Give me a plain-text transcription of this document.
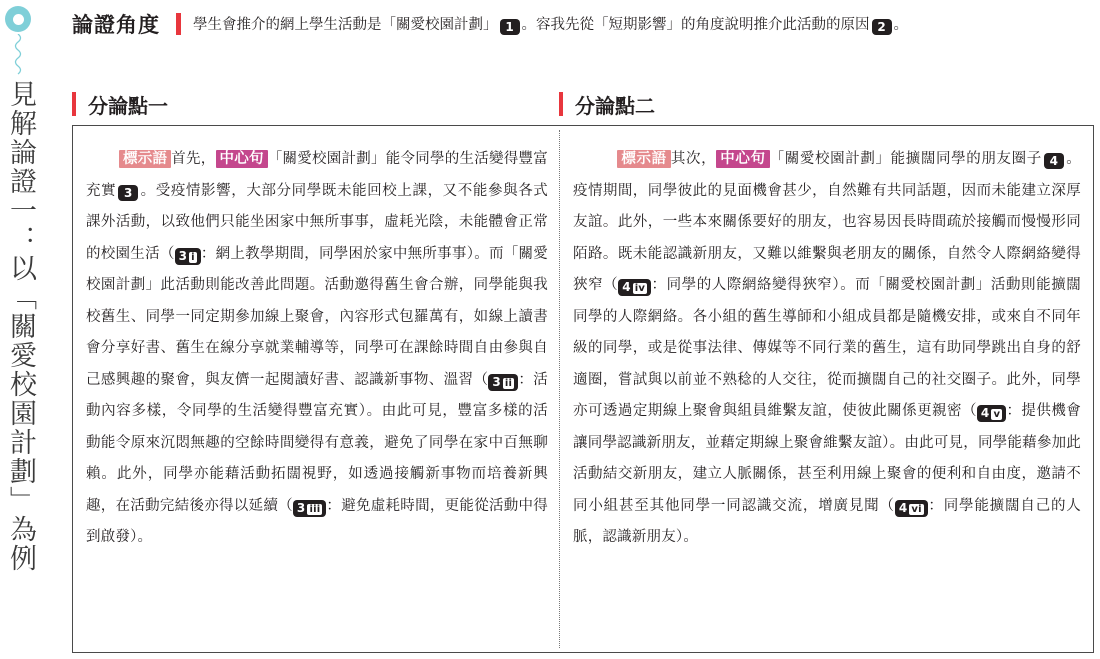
見解論證一：以「關愛校園計劃」為例
論證角度 學生會推介的網上學生活動是「關愛校園計劃」 1 。容我先從「短期影響」的角度說明推介此活動的原因 2 。
分論點一	分論點二
標示語 首先， 中心句 「關愛校園計劃」能令同學的生活變得豐富充實 3 。受疫情影響，大部分同學既未能回校上課，又不能參與各式課外活動，以致他們只能坐困家中無所事事，虛耗光陰，未能體會正常的校園生活（ 3 i ：網上教學期間，同學困於家中無所事事）。而「關愛校園計劃」此活動則能改善此問題。活動邀得舊生會合辦，同學能與我校舊生、同學一同定期參加線上聚會，內容形式包羅萬有，如線上讀書會分享好書、舊生在線分享就業輔導等，同學可在課餘時間自由參與自己感興趣的聚會，與友儕一起閱讀好書、認識新事物、溫習（ 3 ii ：活動內容多樣，令同學的生活變得豐富充實）。由此可見，豐富多樣的活動能令原來沉悶無趣的空餘時間變得有意義，避免了同學在家中百無聊賴。此外，同學亦能藉活動拓闊視野，如透過接觸新事物而培養新興趣，在活動完結後亦得以延續（ 3 iii ：避免虛耗時間，更能從活動中得到啟發）。
標示語 其次， 中心句 「關愛校園計劃」能擴闊同學的朋友圈子 4 。疫情期間，同學彼此的見面機會甚少，自然難有共同話題，因而未能建立深厚友誼。此外，一些本來關係要好的朋友，也容易因長時間疏於接觸而慢慢形同陌路。既未能認識新朋友，又難以維繫與老朋友的關係，自然令人際網絡變得狹窄（ 4 iv ：同學的人際網絡變得狹窄）。而「關愛校園計劃」活動則能擴闊同學的人際網絡。各小組的舊生導師和小組成員都是隨機安排，或來自不同年級的同學，或是從事法律、傳媒等不同行業的舊生，這有助同學跳出自身的舒適圈，嘗試與以前並不熟稔的人交往，從而擴闊自己的社交圈子。此外，同學亦可透過定期線上聚會與組員維繫友誼，使彼此關係更親密（ 4 v ：提供機會讓同學認識新朋友，並藉定期線上聚會維繫友誼）。由此可見，同學能藉參加此活動結交新朋友，建立人脈關係，甚至利用線上聚會的便利和自由度，邀請不同小組甚至其他同學一同認識交流，增廣見聞（ 4 vi ：同學能擴闊自己的人脈，認識新朋友）。
